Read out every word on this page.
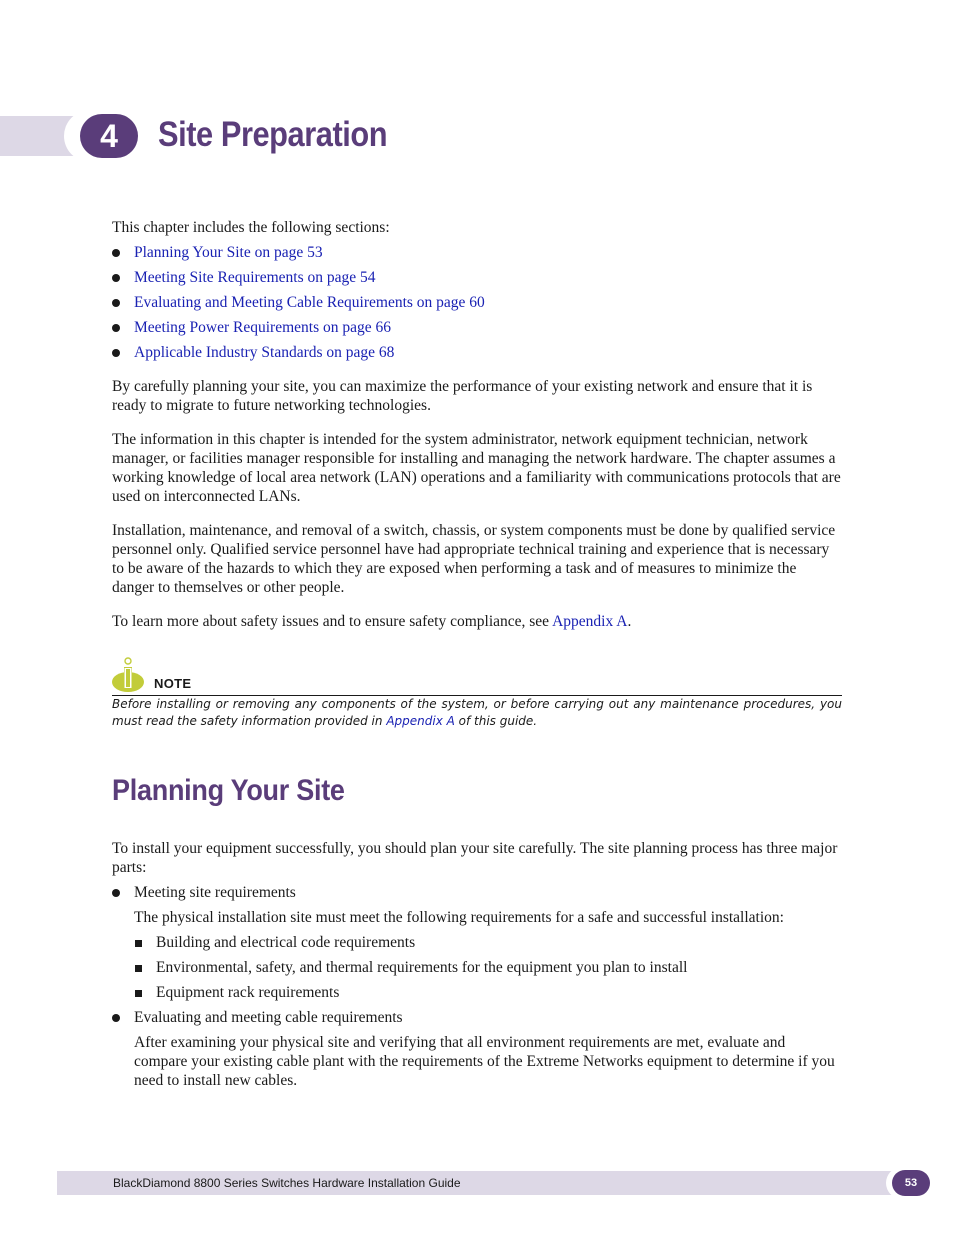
4	Site Preparation

This chapter includes the following sections:

Planning Your Site on page 53
Meeting Site Requirements on page 54
Evaluating and Meeting Cable Requirements on page 60
Meeting Power Requirements on page 66
Applicable Industry Standards on page 68

By carefully planning your site, you can maximize the performance of your existing network and ensure that it is ready to migrate to future networking technologies.

The information in this chapter is intended for the system administrator, network equipment technician, network manager, or facilities manager responsible for installing and managing the network hardware. The chapter assumes a working knowledge of local area network (LAN) operations and a familiarity with communications protocols that are used on interconnected LANs.

Installation, maintenance, and removal of a switch, chassis, or system components must be done by qualified service personnel only. Qualified service personnel have had appropriate technical training and experience that is necessary to be aware of the hazards to which they are exposed when performing a task and of measures to minimize the danger to themselves or other people.

To learn more about safety issues and to ensure safety compliance, see Appendix A.

NOTE

Before installing or removing any components of the system, or before carrying out any maintenance procedures, you must read the safety information provided in Appendix A of this guide.

Planning Your Site

To install your equipment successfully, you should plan your site carefully. The site planning process has three major parts:

Meeting site requirements

The physical installation site must meet the following requirements for a safe and successful installation:

Building and electrical code requirements
Environmental, safety, and thermal requirements for the equipment you plan to install
Equipment rack requirements
Evaluating and meeting cable requirements

After examining your physical site and verifying that all environment requirements are met, evaluate and compare your existing cable plant with the requirements of the Extreme Networks equipment to determine if you need to install new cables.

BlackDiamond 8800 Series Switches Hardware Installation Guide	53
